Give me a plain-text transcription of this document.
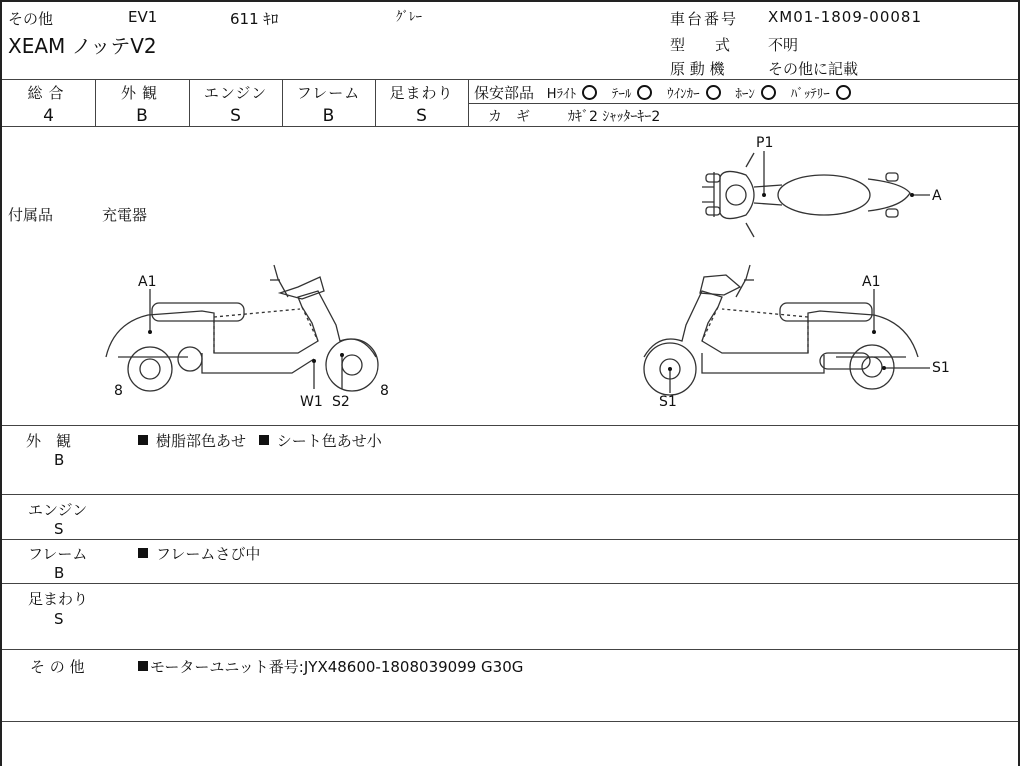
その他	EV1	611 ｷﾛ	ｸﾞﾚｰ
XEAM ノッテV2
車台番号 XM01-1809-00081
型　　式	不明
原 動 機	その他に記載
総合
4
外観
B
エンジン
S
フレーム
B
足まわり
S
保安部品 Hﾗｲﾄ	ﾃｰﾙ	ｳｲﾝｶｰ	ﾎｰﾝ	ﾊﾞｯﾃﾘｰ
カ　ギ	ｶｷﾞ2 ｼｬｯﾀｰｷｰ2
付属品	充電器
P1
A
A1
8	8
W1 S2
A1
S1
S1
外　観
B
樹脂部色あせ シート色あせ小
エンジン
S
フレーム
B
フレームさび中
足まわり
S
そ の 他	モーターユニット番号:JYX48600-1808039099 G30G
